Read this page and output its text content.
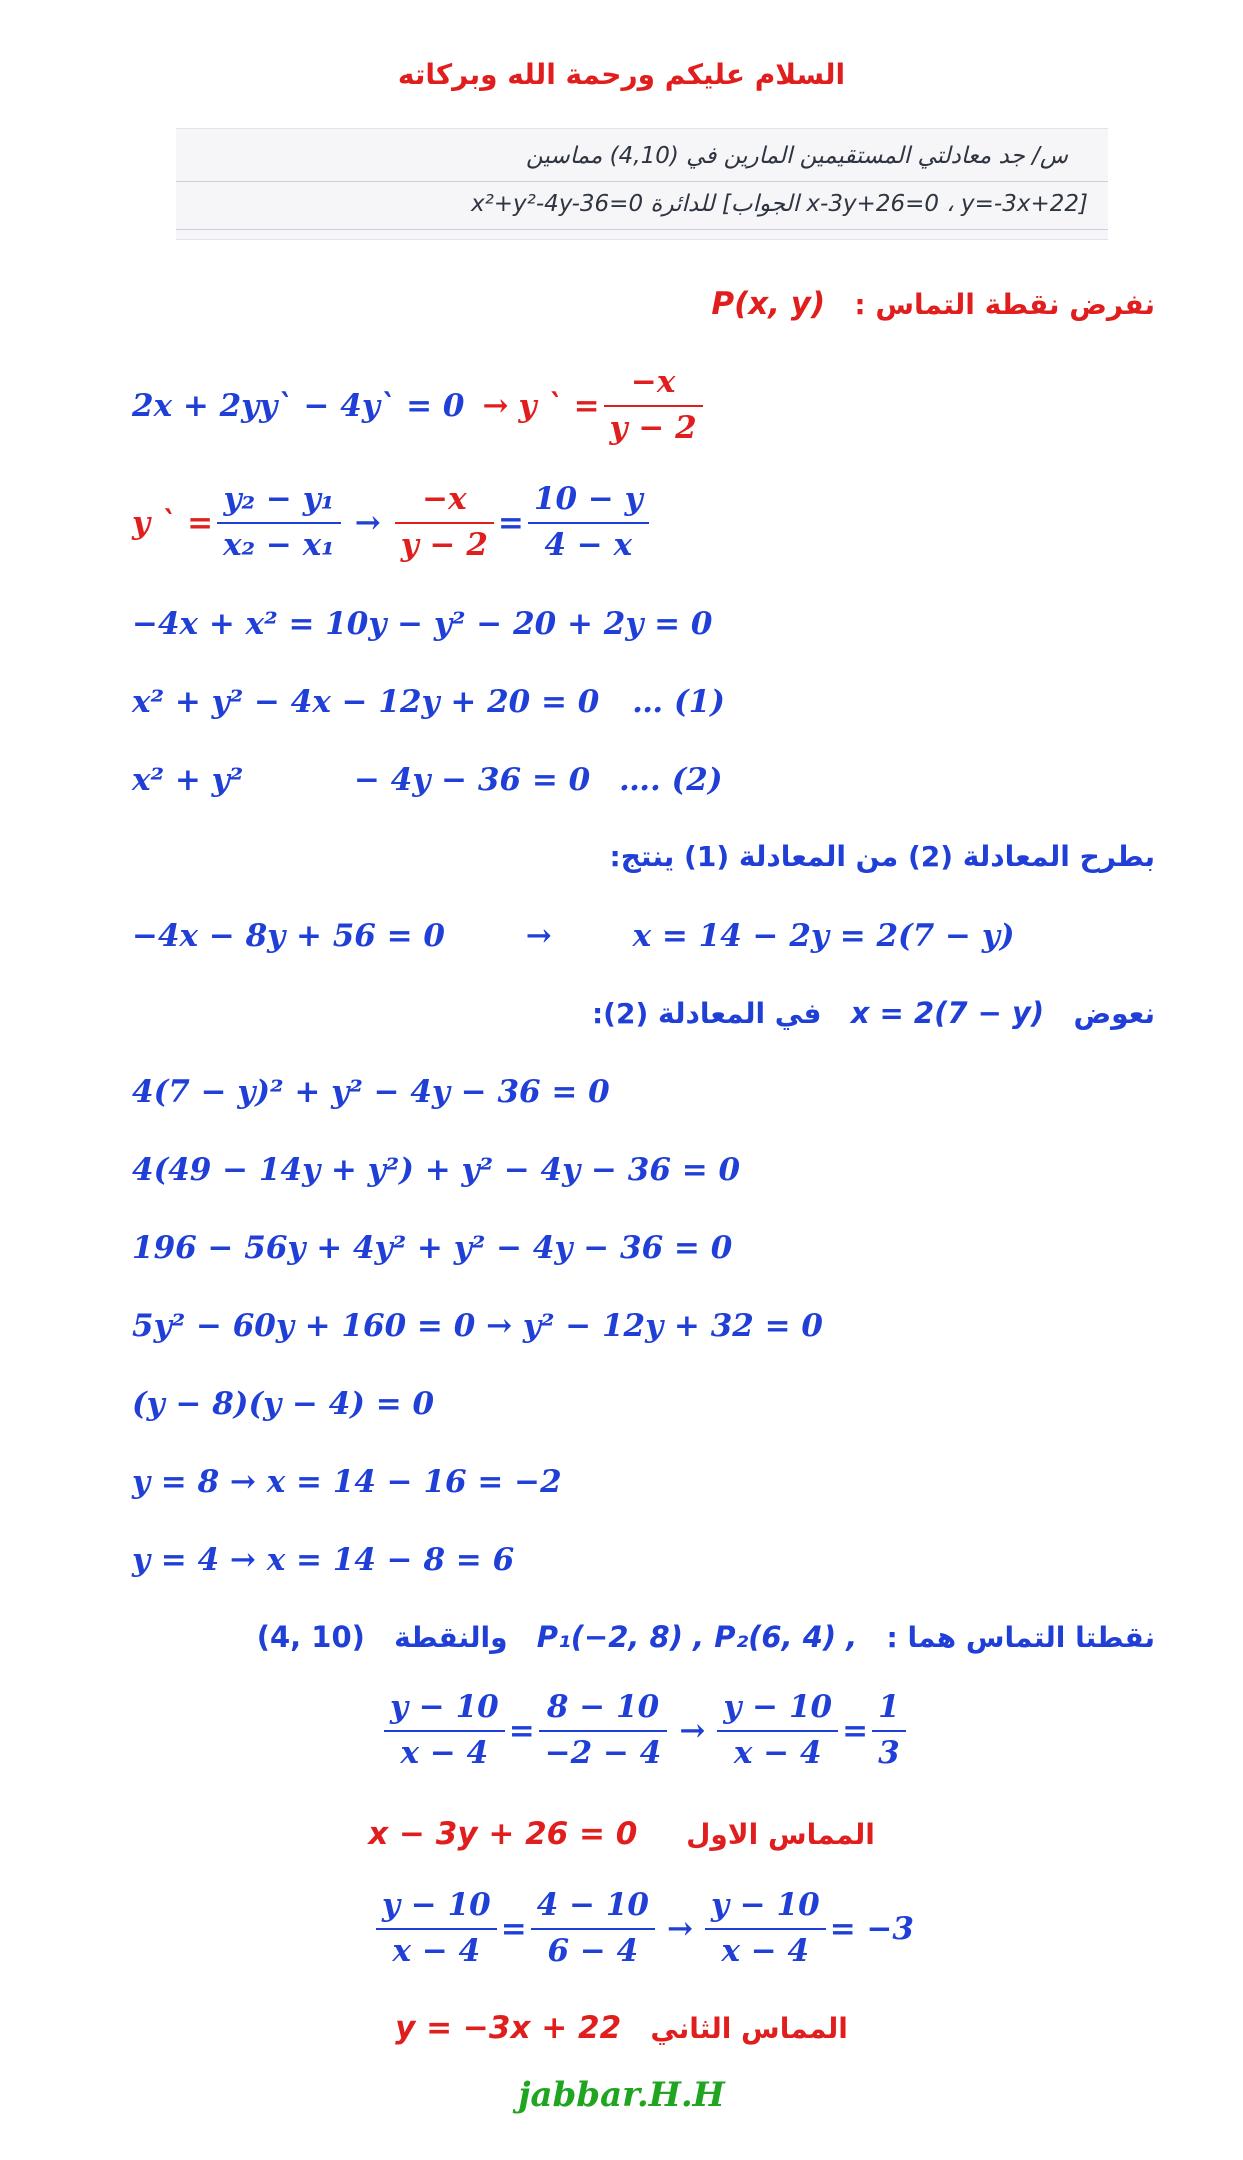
السلام عليكم ورحمة الله وبركاته
س/ جد معادلتي المستقيمين المارين في (4,10) مماسين
[x-3y+26=0 ، y=-3x+22 الجواب] للدائرة x²+y²-4y-36=0
نفرض نقطة التماس :   P(x, y)
2x + 2yy` − 4y` = 0 → y ` = $\frac{-x}{y - 2}$
y ` = $\frac{\text{y₂ − y₁}}{\text{x₂ − x₁}} \to \frac{-x}{y - 2} = \frac{10 - y}{4 - x}$
−4x + x² = 10y − y² − 20 + 2y = 0
x² + y² − 4x − 12y + 20 = 0 … (1)
x² + y²	− 4y − 36 = 0 …. (2)
بطرح المعادلة (2) من المعادلة (1) ينتج:
−4x − 8y + 56 = 0	→	x = 14 − 2y = 2(7 − y)
نعوض   x = 2(7 − y)   في المعادلة (2):
4(7 − y)² + y² − 4y − 36 = 0
4(49 − 14y + y²) + y² − 4y − 36 = 0
196 − 56y + 4y² + y² − 4y − 36 = 0
5y² − 60y + 160 = 0 → y² − 12y + 32 = 0
(y − 8)(y − 4) = 0
y = 8 → x = 14 − 16 = −2
y = 4 → x = 14 − 8 = 6
نقطتا التماس هما :   P₁(−2, 8) , P₂(6, 4) ,   والنقطة   (4, 10)
$\frac{y - 10}{x - 4} = \frac{8 - 10}{-2 - 4} \to \frac{y - 10}{x - 4} = \frac{1}{3}$
المماس الاول     x − 3y + 26 = 0
$\frac{y - 10}{x - 4} = \frac{4 - 10}{6 - 4} \to \frac{y - 10}{x - 4} = -3$
المماس الثاني   y = −3x + 22
jabbar.H.H
